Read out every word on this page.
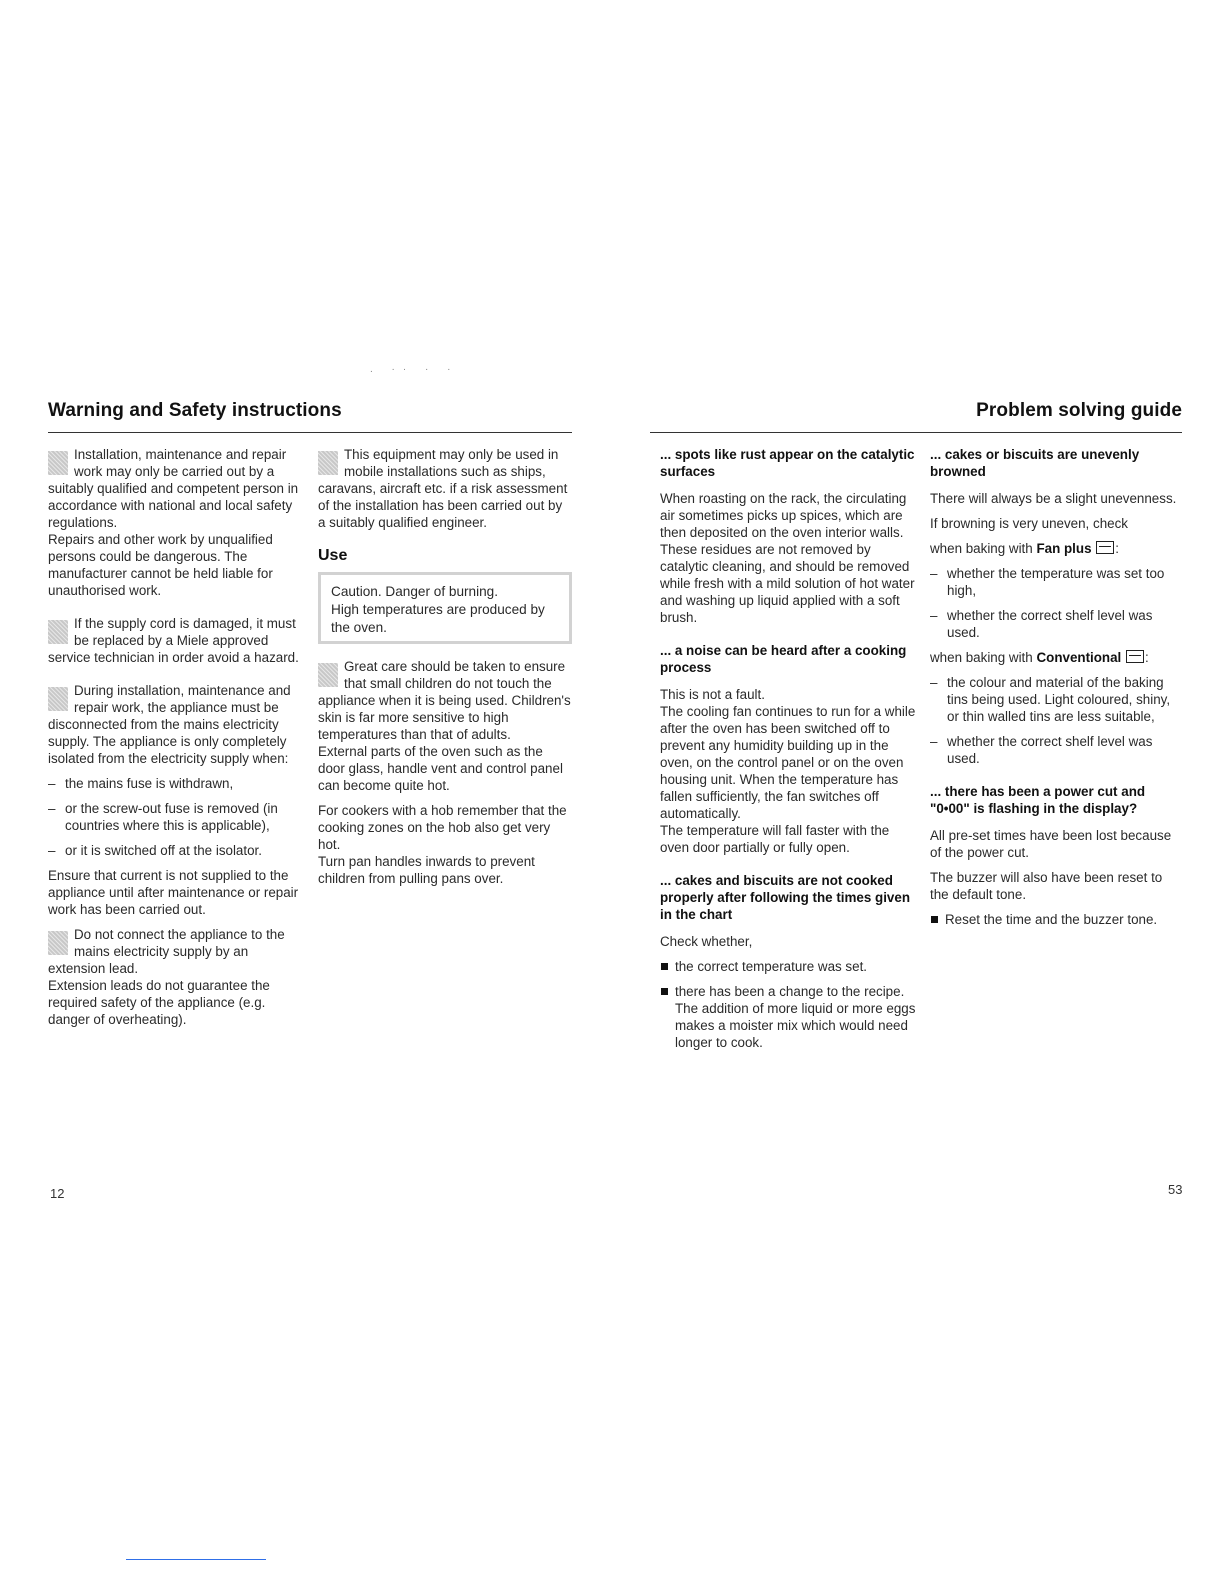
. ·· · ·
Warning and Safety instructions

Installation, maintenance and repair work may only be carried out by a suitably qualified and competent person in accordance with national and local safety regulations.

Repairs and other work by unqualified persons could be dangerous. The manufacturer cannot be held liable for unauthorised work.

If the supply cord is damaged, it must be replaced by a Miele approved service technician in order avoid a hazard.

During installation, maintenance and repair work, the appliance must be disconnected from the mains electricity supply. The appliance is only completely isolated from the electricity supply when:

– the mains fuse is withdrawn,
– or the screw-out fuse is removed (in countries where this is applicable),
– or it is switched off at the isolator.

Ensure that current is not supplied to the appliance until after maintenance or repair work has been carried out.

Do not connect the appliance to the mains electricity supply by an extension lead.

Extension leads do not guarantee the required safety of the appliance (e.g. danger of overheating).

This equipment may only be used in mobile installations such as ships, caravans, aircraft etc. if a risk assessment of the installation has been carried out by a suitably qualified engineer.

Use

Caution. Danger of burning.

High temperatures are produced by

the oven.

Great care should be taken to ensure that small children do not touch the appliance when it is being used. Children's skin is far more sensitive to high temperatures than that of adults.

External parts of the oven such as the door glass, handle vent and control panel can become quite hot.

For cookers with a hob remember that the cooking zones on the hob also get very hot.

Turn pan handles inwards to prevent children from pulling pans over.

12
Problem solving guide
... spots like rust appear on the catalytic surfaces

When roasting on the rack, the circulating air sometimes picks up spices, which are then deposited on the oven interior walls. These residues are not removed by catalytic cleaning, and should be removed while fresh with a mild solution of hot water and washing up liquid applied with a soft brush.

... a noise can be heard after a cooking process

This is not a fault.

The cooling fan continues to run for a while after the oven has been switched off to prevent any humidity building up in the oven, on the control panel or on the oven housing unit. When the temperature has fallen sufficiently, the fan switches off automatically.

The temperature will fall faster with the oven door partially or fully open.

... cakes and biscuits are not cooked properly after following the times given in the chart

Check whether,

the correct temperature was set.
there has been a change to the recipe. The addition of more liquid or more eggs makes a moister mix which would need longer to cook.
... cakes or biscuits are unevenly browned

There will always be a slight unevenness.

If browning is very uneven, check

when baking with Fan plus :

– whether the temperature was set too high,
– whether the correct shelf level was used.

when baking with Conventional :

– the colour and material of the baking tins being used. Light coloured, shiny, or thin walled tins are less suitable,
– whether the correct shelf level was used.
... there has been a power cut and "0•00" is flashing in the display?

All pre-set times have been lost because of the power cut.

The buzzer will also have been reset to the default tone.

Reset the time and the buzzer tone.
53
